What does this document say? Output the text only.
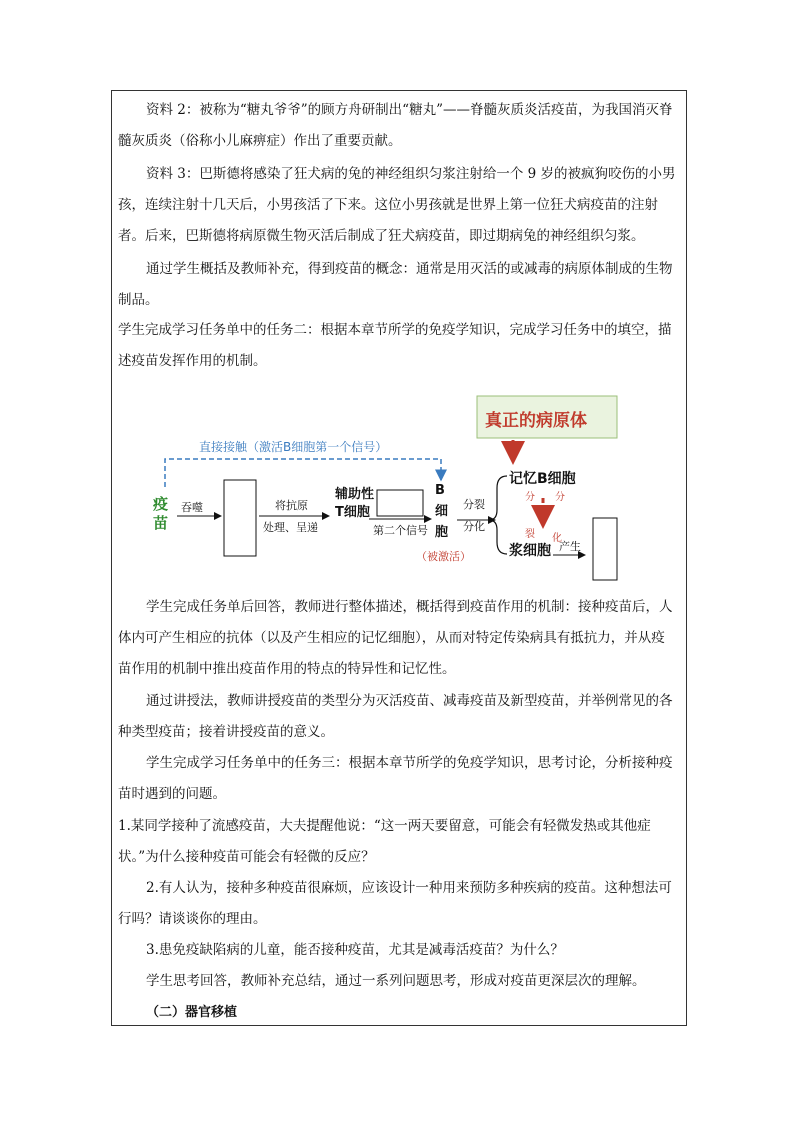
资料 2：被称为“糖丸爷爷”的顾方舟研制出“糖丸”——脊髓灰质炎活疫苗，为我国消灭脊髓灰质炎（俗称小儿麻痹症）作出了重要贡献。

资料 3：巴斯德将感染了狂犬病的兔的神经组织匀浆注射给一个 9 岁的被疯狗咬伤的小男孩，连续注射十几天后，小男孩活了下来。这位小男孩就是世界上第一位狂犬病疫苗的注射者。后来，巴斯德将病原微生物灭活后制成了狂犬病疫苗，即过期病兔的神经组织匀浆。

通过学生概括及教师补充，得到疫苗的概念：通常是用灭活的或减毒的病原体制成的生物制品。

学生完成学习任务单中的任务二：根据本章节所学的免疫学知识，完成学习任务中的填空，描述疫苗发挥作用的机制。

真正的病原体
直接接触（激活B细胞第一个信号）
疫苗
吞噬	将抗原
处理、呈递
辅助性T细胞
第二个信号
B细胞
（被激活）
分裂
分化
记忆B细胞
分 分
裂 化
浆细胞 产生

学生完成任务单后回答，教师进行整体描述，概括得到疫苗作用的机制：接种疫苗后，人体内可产生相应的抗体（以及产生相应的记忆细胞），从而对特定传染病具有抵抗力，并从疫苗作用的机制中推出疫苗作用的特点的特异性和记忆性。

通过讲授法，教师讲授疫苗的类型分为灭活疫苗、减毒疫苗及新型疫苗，并举例常见的各种类型疫苗；接着讲授疫苗的意义。

学生完成学习任务单中的任务三：根据本章节所学的免疫学知识，思考讨论，分析接种疫苗时遇到的问题。

1.某同学接种了流感疫苗，大夫提醒他说：“这一两天要留意，可能会有轻微发热或其他症状。”为什么接种疫苗可能会有轻微的反应？

2.有人认为，接种多种疫苗很麻烦，应该设计一种用来预防多种疾病的疫苗。这种想法可行吗？请谈谈你的理由。

3.患免疫缺陷病的儿童，能否接种疫苗，尤其是减毒活疫苗？为什么？

学生思考回答，教师补充总结，通过一系列问题思考，形成对疫苗更深层次的理解。

（二）器官移植
